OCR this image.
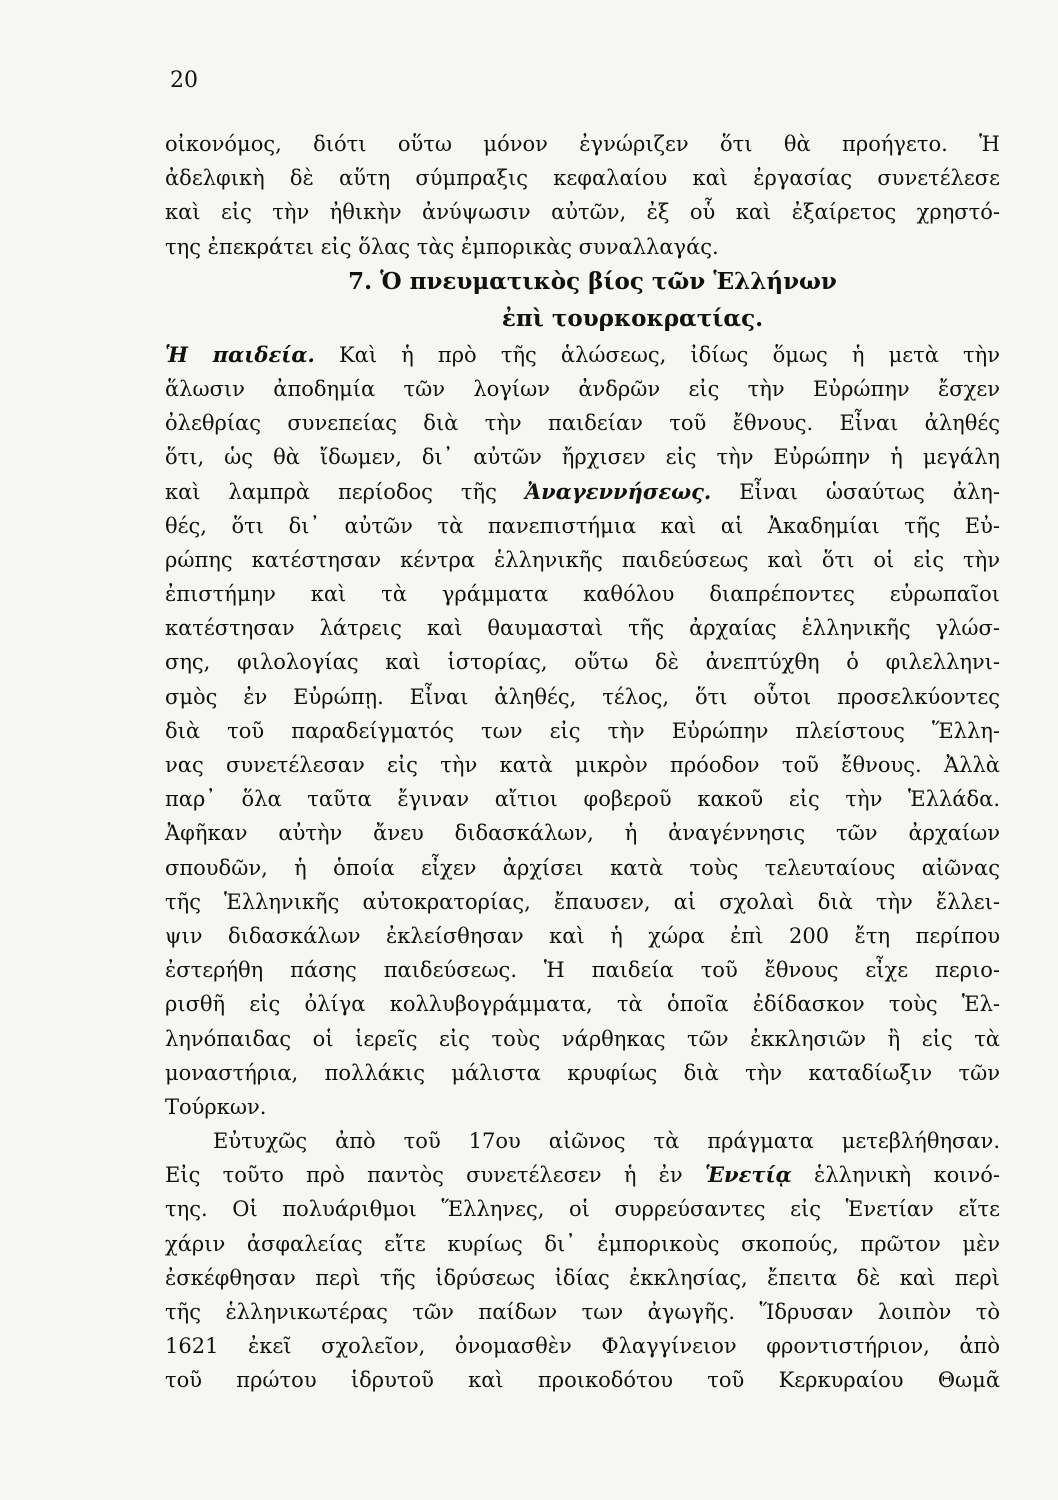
20
οἰκονόμος, διότι οὕτω μόνον ἐγνώριζεν ὅτι θὰ προήγετο. Ἡ
ἀδελφικὴ δὲ αὕτη σύμπραξις κεφαλαίου καὶ ἐργασίας συνετέλεσε
καὶ εἰς τὴν ἠθικὴν ἀνύψωσιν αὐτῶν, ἐξ οὗ καὶ ἐξαίρετος χρηστό-
της ἐπεκράτει εἰς ὅλας τὰς ἐμπορικὰς συναλλαγάς.
7. Ὁ πνευματικὸς βίος τῶν Ἑλλήνων
ἐπὶ τουρκοκρατίας.
Ἡ παιδεία. Καὶ ἡ πρὸ τῆς ἁλώσεως, ἰδίως ὅμως ἡ μετὰ τὴν
ἅλωσιν ἀποδημία τῶν λογίων ἀνδρῶν εἰς τὴν Εὐρώπην ἔσχεν
ὀλεθρίας συνεπείας διὰ τὴν παιδείαν τοῦ ἔθνους. Εἶναι ἀληθές
ὅτι, ὡς θὰ ἴδωμεν, δι᾽ αὐτῶν ἤρχισεν εἰς τὴν Εὐρώπην ἡ μεγάλη
καὶ λαμπρὰ περίοδος τῆς Ἀναγεννήσεως. Εἶναι ὡσαύτως ἀλη-
θές, ὅτι δι᾽ αὐτῶν τὰ πανεπιστήμια καὶ αἱ Ἀκαδημίαι τῆς Εὐ-
ρώπης κατέστησαν κέντρα ἑλληνικῆς παιδεύσεως καὶ ὅτι οἱ εἰς τὴν
ἐπιστήμην καὶ τὰ γράμματα καθόλου διαπρέποντες εὐρωπαῖοι
κατέστησαν λάτρεις καὶ θαυμασταὶ τῆς ἀρχαίας ἑλληνικῆς γλώσ-
σης, φιλολογίας καὶ ἱστορίας, οὕτω δὲ ἀνεπτύχθη ὁ φιλελληνι-
σμὸς ἐν Εὐρώπῃ. Εἶναι ἀληθές, τέλος, ὅτι οὗτοι προσελκύοντες
διὰ τοῦ παραδείγματός των εἰς τὴν Εὐρώπην πλείστους Ἕλλη-
νας συνετέλεσαν εἰς τὴν κατὰ μικρὸν πρόοδον τοῦ ἔθνους. Ἀλλὰ
παρ᾽ ὅλα ταῦτα ἔγιναν αἴτιοι φοβεροῦ κακοῦ εἰς τὴν Ἑλλάδα.
Ἀφῆκαν αὐτὴν ἄνευ διδασκάλων, ἡ ἀναγέννησις τῶν ἀρχαίων
σπουδῶν, ἡ ὁποία εἶχεν ἀρχίσει κατὰ τοὺς τελευταίους αἰῶνας
τῆς Ἑλληνικῆς αὐτοκρατορίας, ἔπαυσεν, αἱ σχολαὶ διὰ τὴν ἔλλει-
ψιν διδασκάλων ἐκλείσθησαν καὶ ἡ χώρα ἐπὶ 200 ἔτη περίπου
ἐστερήθη πάσης παιδεύσεως. Ἡ παιδεία τοῦ ἔθνους εἶχε περιο-
ρισθῆ εἰς ὀλίγα κολλυβογράμματα, τὰ ὁποῖα ἐδίδασκον τοὺς Ἑλ-
ληνόπαιδας οἱ ἱερεῖς εἰς τοὺς νάρθηκας τῶν ἐκκλησιῶν ἢ εἰς τὰ
μοναστήρια, πολλάκις μάλιστα κρυφίως διὰ τὴν καταδίωξιν τῶν
Τούρκων.
Εὐτυχῶς ἀπὸ τοῦ 17ου αἰῶνος τὰ πράγματα μετεβλήθησαν.
Εἰς τοῦτο πρὸ παντὸς συνετέλεσεν ἡ ἐν Ἑνετίᾳ ἑλληνικὴ κοινό-
της. Οἱ πολυάριθμοι Ἕλληνες, οἱ συρρεύσαντες εἰς Ἑνετίαν εἴτε
χάριν ἀσφαλείας εἴτε κυρίως δι᾽ ἐμπορικοὺς σκοπούς, πρῶτον μὲν
ἐσκέφθησαν περὶ τῆς ἱδρύσεως ἰδίας ἐκκλησίας, ἔπειτα δὲ καὶ περὶ
τῆς ἑλληνικωτέρας τῶν παίδων των ἀγωγῆς. Ἵδρυσαν λοιπὸν τὸ
1621 ἐκεῖ σχολεῖον, ὀνομασθὲν Φλαγγίνειον φροντιστήριον, ἀπὸ
τοῦ πρώτου ἱδρυτοῦ καὶ προικοδότου τοῦ Κερκυραίου Θωμᾶ
